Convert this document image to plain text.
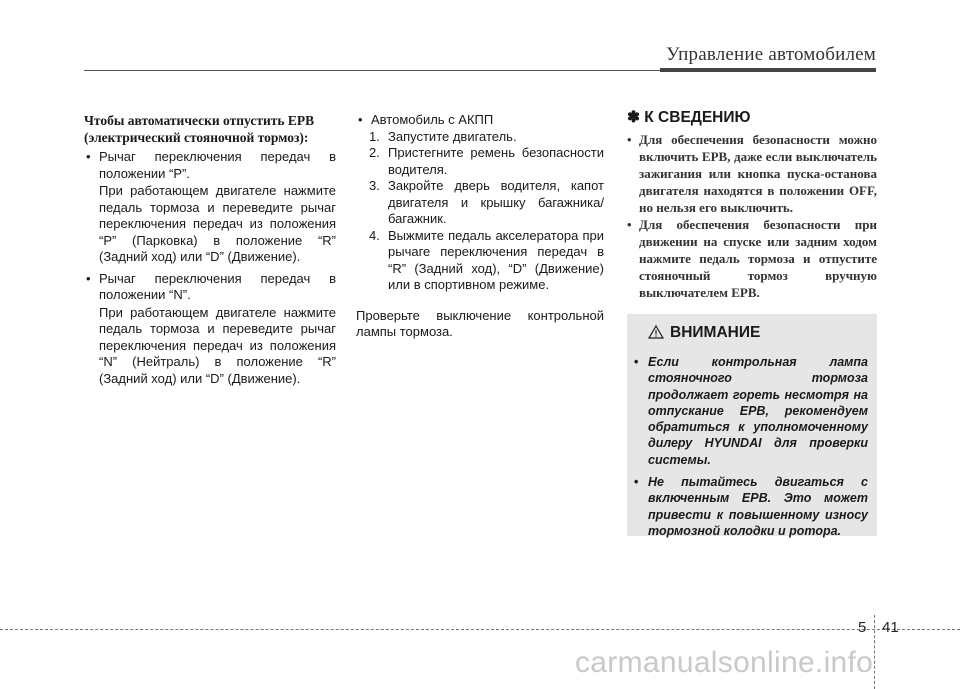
Управление автомобилем
Чтобы автоматически отпустить EPB
(электрический стояночной тормоз):
• Рычаг переключения передач в положении “P”.

При работающем двигателе нажмите педаль тормоза и переведите рычаг переключения передач из положения “P” (Парковка) в положение “R” (Задний ход) или “D” (Движение).

• Рычаг переключения передач в положении “N”.

При работающем двигателе нажмите педаль тормоза и переведите рычаг переключения передач из положения “N” (Нейтраль) в положение “R” (Задний ход) или “D” (Движение).

• Автомобиль с АКПП
1. Запустите двигатель.
2. Пристегните ремень безопасности водителя.
3. Закройте дверь водителя, капот двигателя и крышку багажника/багажник.
4. Выжмите педаль акселератора при рычаге переключения передач в “R” (Задний ход), “D” (Движение) или в спортивном режиме.

Проверьте выключение контрольной лампы тормоза.

✽ К СВЕДЕНИЮ
• Для обеспечения безопасности можно включить EPB, даже если выключатель зажигания или кнопка пуска-останова двигателя находятся в положении OFF, но нельзя его выключить.
• Для обеспечения безопасности при движении на спуске или задним ходом нажмите педаль тормоза и отпустите стояночный тормоз вручную выключателем EPB.
ВНИМАНИЕ
• Если контрольная лампа стояночного тормоза продолжает гореть несмотря на отпускание EPB, рекомендуем обратиться к уполномоченному дилеру HYUNDAI для проверки системы.
• Не пытайтесь двигаться с включенным EPB. Это может привести к повышенному износу тормозной колодки и ротора.
5 41
carmanualsonline.info
